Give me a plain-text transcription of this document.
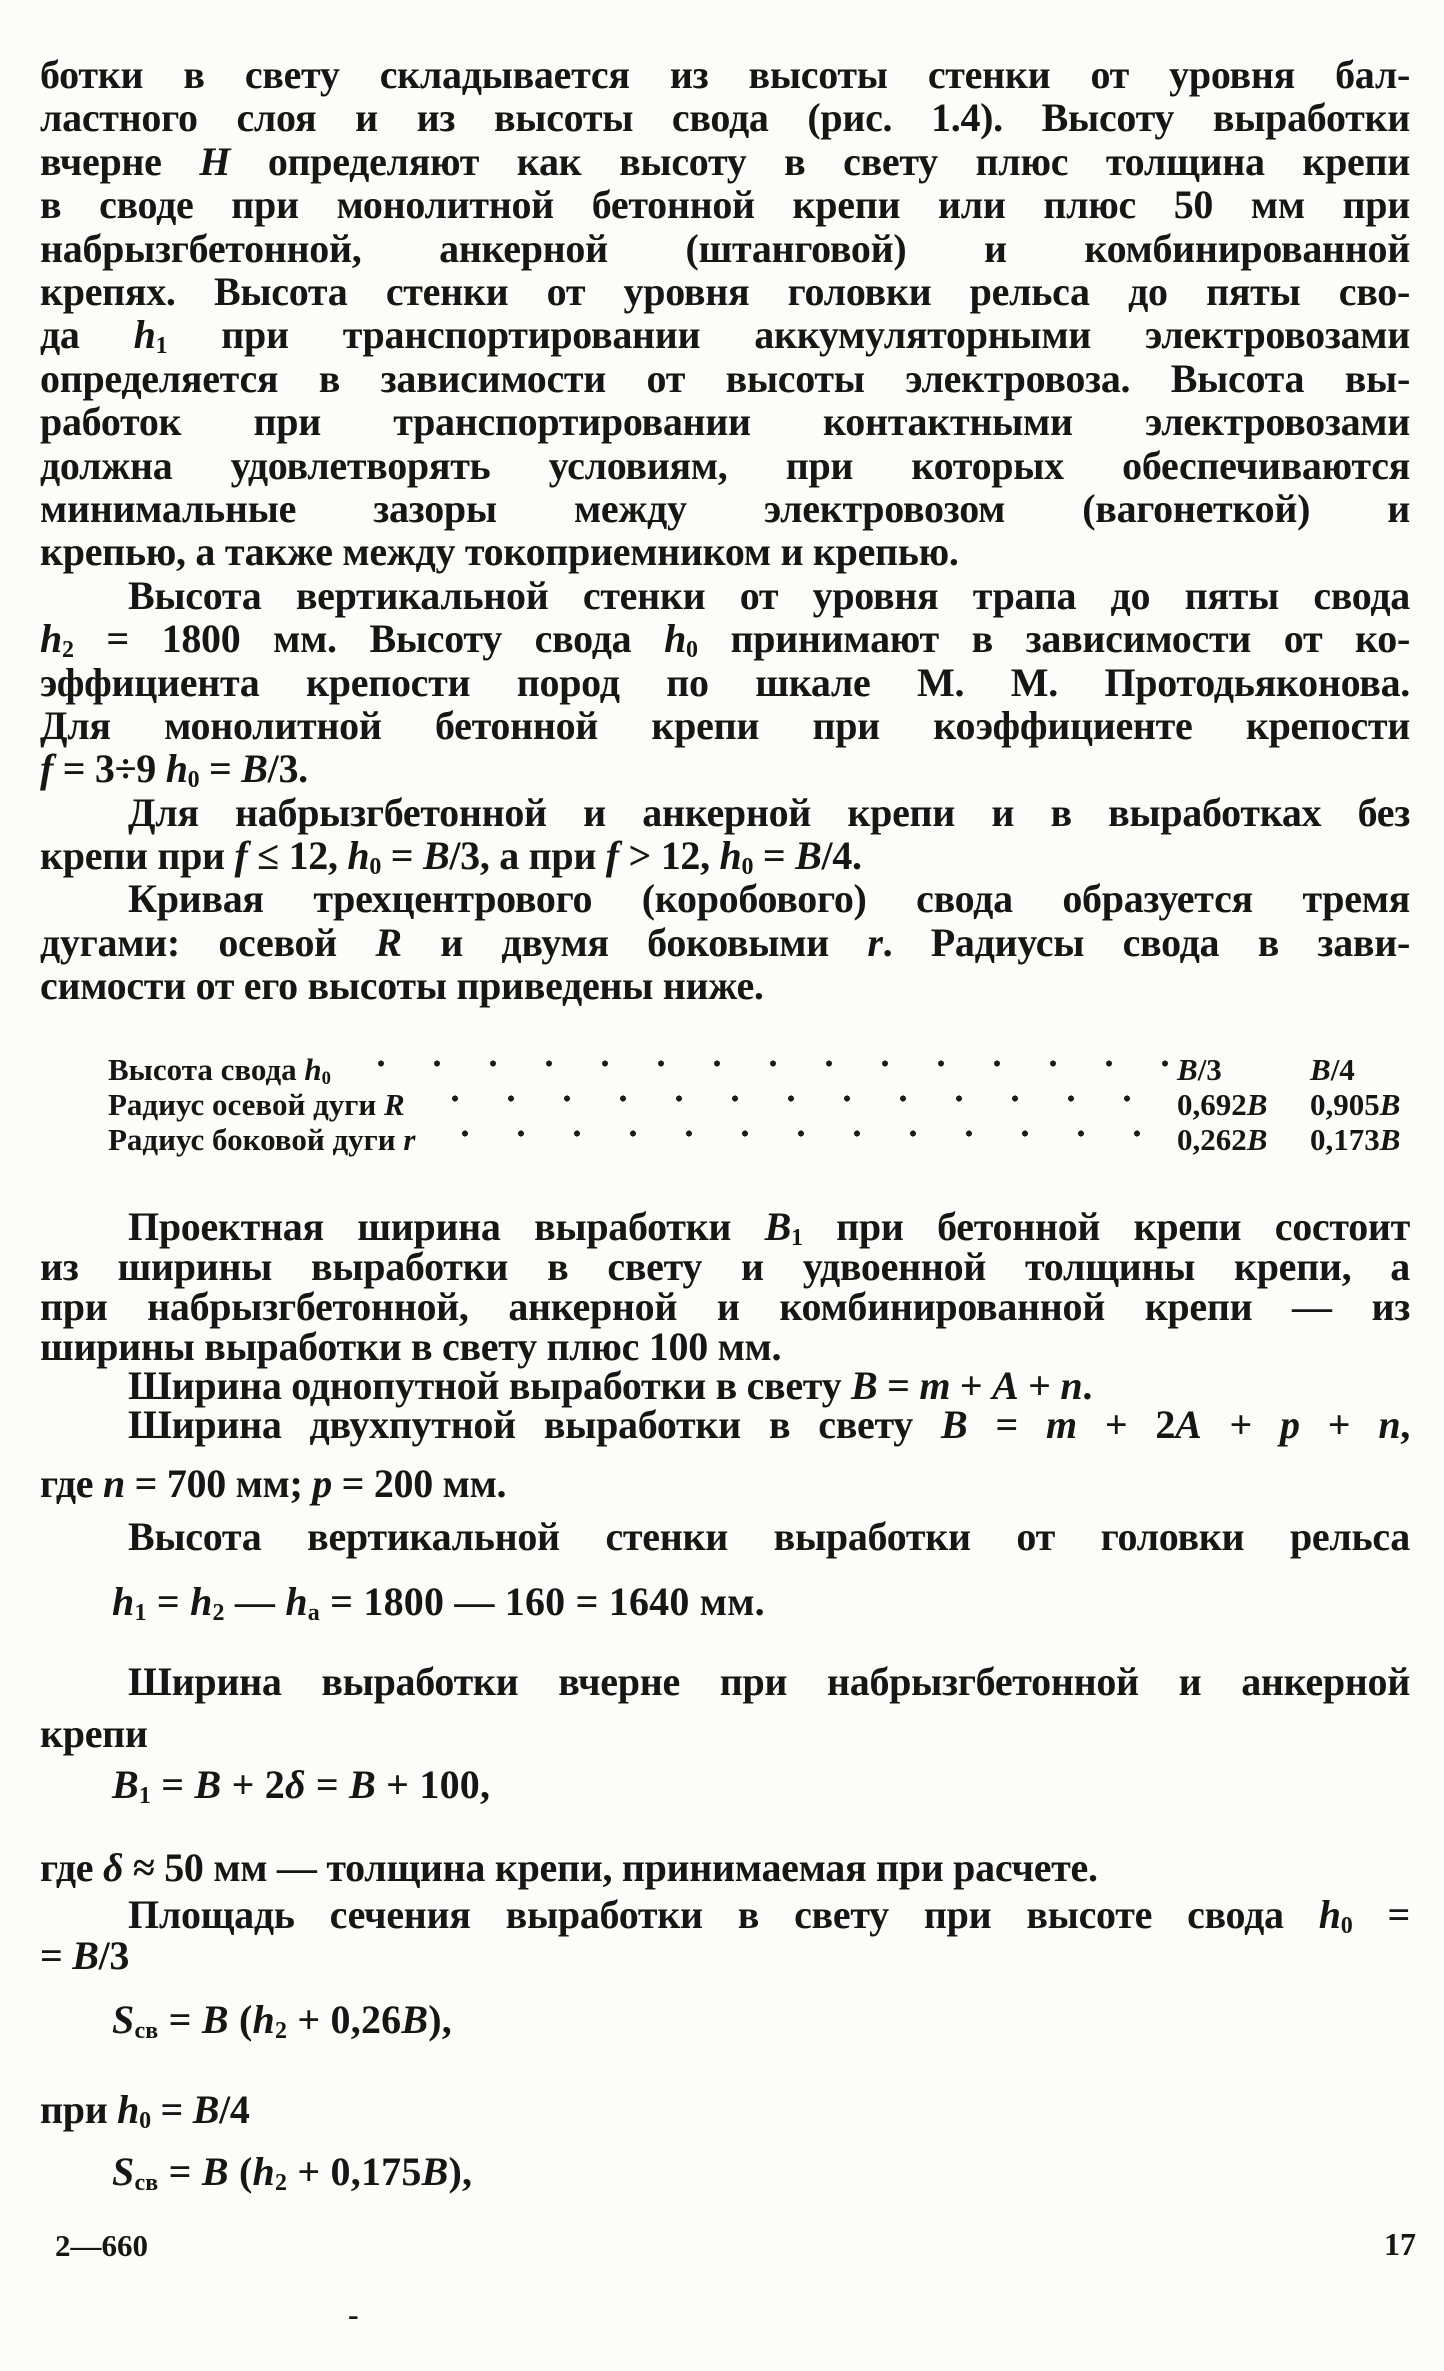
ботки в свету складывается из высоты стенки от уровня бал-
ластного слоя и из высоты свода (рис. 1.4). Высоту выработки
вчерне H определяют как высоту в свету плюс толщина крепи
в своде при монолитной бетонной крепи или плюс 50 мм при
набрызгбетонной, анкерной (штанговой) и комбинированной
крепях. Высота стенки от уровня головки рельса до пяты сво-
да $h_1$ при транспортировании аккумуляторными электровозами
определяется в зависимости от высоты электровоза. Высота вы-
работок при транспортировании контактными электровозами
должна удовлетворять условиям, при которых обеспечиваются
минимальные зазоры между электровозом (вагонеткой) и
крепью, а также между токоприемником и крепью.
Высота вертикальной стенки от уровня трапа до пяты свода
$h_2 = 1800$ мм. Высоту свода $h_0$ принимают в зависимости от ко-
эффициента крепости пород по шкале М. М. Протодьяконова.
Для монолитной бетонной крепи при коэффициенте крепости
f = 3÷9 $h_0 = B/3$.
Для набрызгбетонной и анкерной крепи и в выработках без
крепи при f ≤ 12, $h_0 = B/3$, а при f > 12, $h_0 = B/4$.
Кривая трехцентрового (коробового) свода образуется тремя
дугами: осевой R и двумя боковыми r. Радиусы свода в зави-
симости от его высоты приведены ниже.
Высота свода $h_0$	B/3	B/4
Радиус осевой дуги R	0,692B	0,905B
Радиус боковой дуги r	0,262B	0,173B
Проектная ширина выработки $B_1$ при бетонной крепи состоит
из ширины выработки в свету и удвоенной толщины крепи, а
при набрызгбетонной, анкерной и комбинированной крепи — из
ширины выработки в свету плюс 100 мм.
Ширина однопутной выработки в свету B = m + A + n.
Ширина двухпутной выработки в свету B = m + 2A + p + n,
где n = 700 мм; p = 200 мм.
Высота вертикальной стенки выработки от головки рельса
$h_1 = h_2$ — $h_а = 1800$ — 160 = 1640 мм.
Ширина выработки вчерне при набрызгбетонной и анкерной
крепи
$B_1 = B + 2\delta = B + 100$,
где δ ≈ 50 мм — толщина крепи, принимаемая при расчете.
Площадь сечения выработки в свету при высоте свода $h_0$ =
= B/3
$S_{св} = B$ $(h_2 + 0,26B)$,
при $h_0 = B/4$
$S_{св} = B$ $(h_2 + 0,175B)$,
2—660	17
-
